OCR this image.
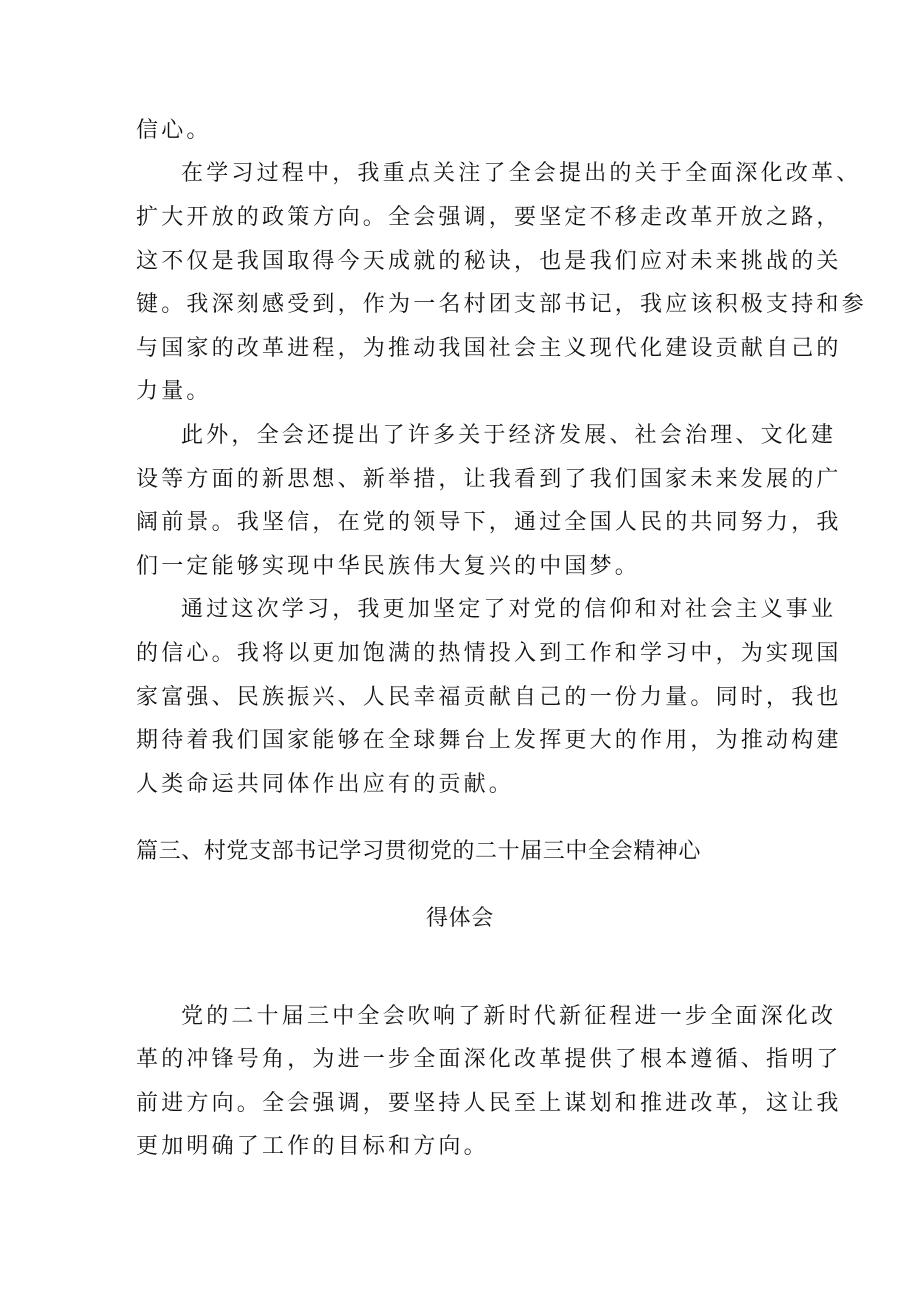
信心。
在学习过程中，我重点关注了全会提出的关于全面深化改革、
扩大开放的政策方向。全会强调，要坚定不移走改革开放之路，
这不仅是我国取得今天成就的秘诀，也是我们应对未来挑战的关
键。我深刻感受到，作为一名村团支部书记，我应该积极支持和参
与国家的改革进程，为推动我国社会主义现代化建设贡献自己的
力量。
此外，全会还提出了许多关于经济发展、社会治理、文化建
设等方面的新思想、新举措，让我看到了我们国家未来发展的广
阔前景。我坚信，在党的领导下，通过全国人民的共同努力，我
们一定能够实现中华民族伟大复兴的中国梦。
通过这次学习，我更加坚定了对党的信仰和对社会主义事业
的信心。我将以更加饱满的热情投入到工作和学习中，为实现国
家富强、民族振兴、人民幸福贡献自己的一份力量。同时，我也
期待着我们国家能够在全球舞台上发挥更大的作用，为推动构建
人类命运共同体作出应有的贡献。
篇三、村党支部书记学习贯彻党的二十届三中全会精神心
得体会
党的二十届三中全会吹响了新时代新征程进一步全面深化改
革的冲锋号角，为进一步全面深化改革提供了根本遵循、指明了
前进方向。全会强调，要坚持人民至上谋划和推进改革，这让我
更加明确了工作的目标和方向。
